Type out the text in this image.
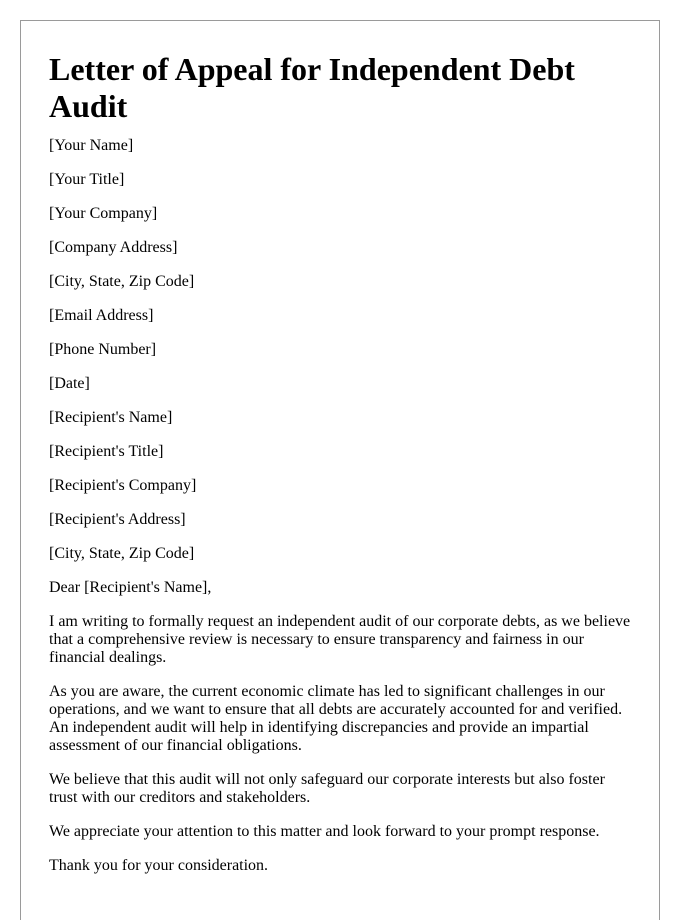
Letter of Appeal for Independent Debt Audit
[Your Name]
[Your Title]
[Your Company]
[Company Address]
[City, State, Zip Code]
[Email Address]
[Phone Number]
[Date]
[Recipient's Name]
[Recipient's Title]
[Recipient's Company]
[Recipient's Address]
[City, State, Zip Code]
Dear [Recipient's Name],

I am writing to formally request an independent audit of our corporate debts, as we believe that a comprehensive review is necessary to ensure transparency and fairness in our financial dealings.

As you are aware, the current economic climate has led to significant challenges in our operations, and we want to ensure that all debts are accurately accounted for and verified. An independent audit will help in identifying discrepancies and provide an impartial assessment of our financial obligations.

We believe that this audit will not only safeguard our corporate interests but also foster trust with our creditors and stakeholders.

We appreciate your attention to this matter and look forward to your prompt response.

Thank you for your consideration.
